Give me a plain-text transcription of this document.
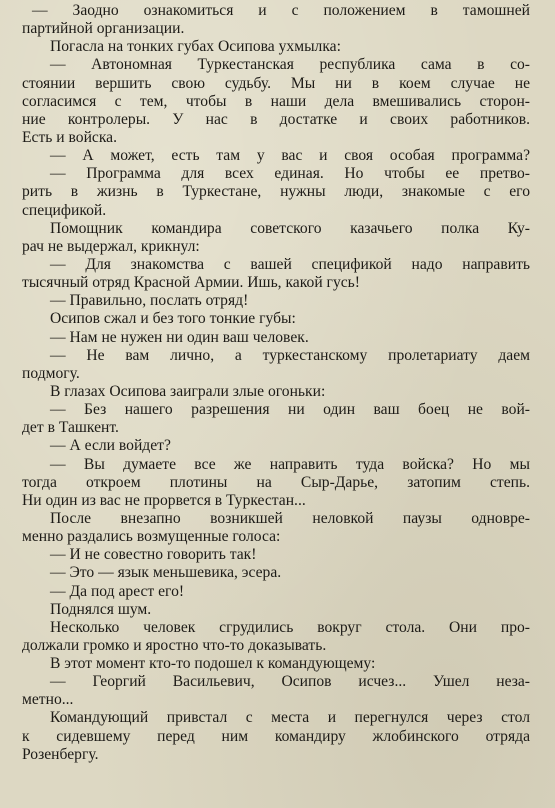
— Заодно ознакомиться и с положением в тамошней
партийной организации.
Погасла на тонких губах Осипова ухмылка:
— Автономная Туркестанская республика сама в со-
стоянии вершить свою судьбу. Мы ни в коем случае не
согласимся с тем, чтобы в наши дела вмешивались сторон-
ние контролеры. У нас в достатке и своих работников.
Есть и войска.
— А может, есть там у вас и своя особая программа?
— Программа для всех единая. Но чтобы ее претво-
рить в жизнь в Туркестане, нужны люди, знакомые с его
спецификой.
Помощник командира советского казачьего полка Ку-
рач не выдержал, крикнул:
— Для знакомства с вашей спецификой надо направить
тысячный отряд Красной Армии. Ишь, какой гусь!
— Правильно, послать отряд!
Осипов сжал и без того тонкие губы:
— Нам не нужен ни один ваш человек.
— Не вам лично, а туркестанскому пролетариату даем
подмогу.
В глазах Осипова заиграли злые огоньки:
— Без нашего разрешения ни один ваш боец не вой-
дет в Ташкент.
— А если войдет?
— Вы думаете все же направить туда войска? Но мы
тогда откроем плотины на Сыр-Дарье, затопим степь.
Ни один из вас не прорвется в Туркестан...
После внезапно возникшей неловкой паузы одновре-
менно раздались возмущенные голоса:
— И не совестно говорить так!
— Это — язык меньшевика, эсера.
— Да под арест его!
Поднялся шум.
Несколько человек сгрудились вокруг стола. Они про-
должали громко и яростно что-то доказывать.
В этот момент кто-то подошел к командующему:
— Георгий Васильевич, Осипов исчез... Ушел неза-
метно...
Командующий привстал с места и перегнулся через стол
к сидевшему перед ним командиру жлобинского отряда
Розенбергу.
